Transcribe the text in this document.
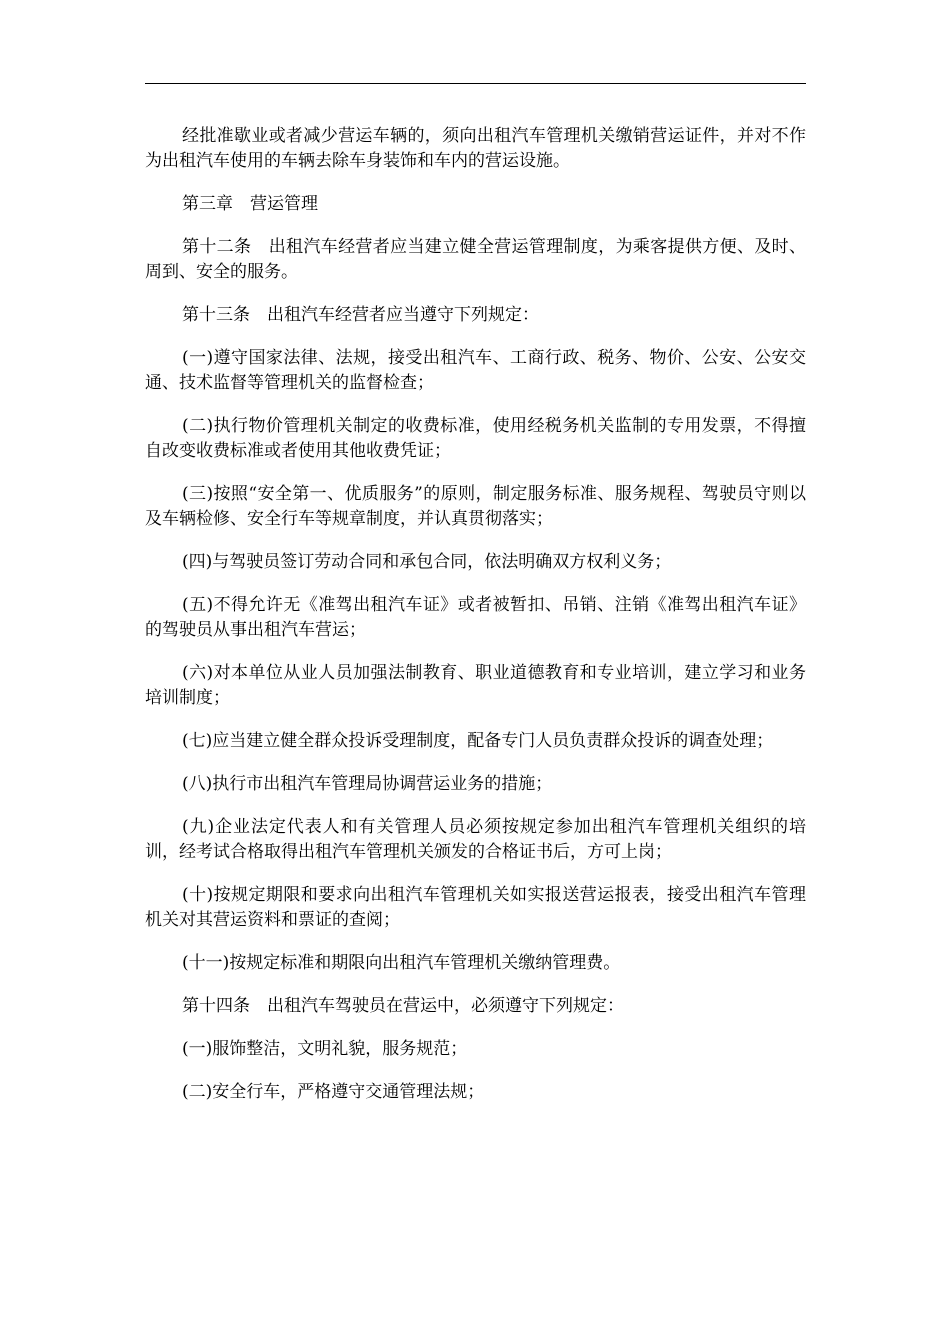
经批准歇业或者减少营运车辆的，须向出租汽车管理机关缴销营运证件，并对不作为出租汽车使用的车辆去除车身装饰和车内的营运设施。

第三章　营运管理

第十二条　出租汽车经营者应当建立健全营运管理制度，为乘客提供方便、及时、周到、安全的服务。

第十三条　出租汽车经营者应当遵守下列规定：

(一)遵守国家法律、法规，接受出租汽车、工商行政、税务、物价、公安、公安交通、技术监督等管理机关的监督检查；

(二)执行物价管理机关制定的收费标准，使用经税务机关监制的专用发票，不得擅自改变收费标准或者使用其他收费凭证；

(三)按照“安全第一、优质服务”的原则，制定服务标准、服务规程、驾驶员守则以及车辆检修、安全行车等规章制度，并认真贯彻落实；

(四)与驾驶员签订劳动合同和承包合同，依法明确双方权利义务；

(五)不得允许无《准驾出租汽车证》或者被暂扣、吊销、注销《准驾出租汽车证》的驾驶员从事出租汽车营运；

(六)对本单位从业人员加强法制教育、职业道德教育和专业培训，建立学习和业务培训制度；

(七)应当建立健全群众投诉受理制度，配备专门人员负责群众投诉的调查处理；

(八)执行市出租汽车管理局协调营运业务的措施；

(九)企业法定代表人和有关管理人员必须按规定参加出租汽车管理机关组织的培训，经考试合格取得出租汽车管理机关颁发的合格证书后，方可上岗；

(十)按规定期限和要求向出租汽车管理机关如实报送营运报表，接受出租汽车管理机关对其营运资料和票证的查阅；

(十一)按规定标准和期限向出租汽车管理机关缴纳管理费。

第十四条　出租汽车驾驶员在营运中，必须遵守下列规定：

(一)服饰整洁，文明礼貌，服务规范；

(二)安全行车，严格遵守交通管理法规；
